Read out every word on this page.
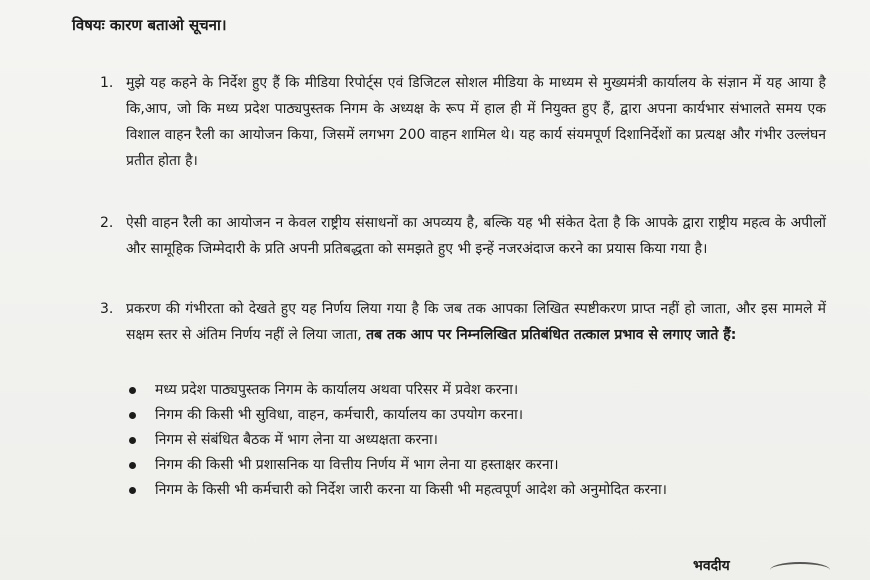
विषयः कारण बताओ सूचना।
1. मुझे यह कहने के निर्देश हुए हैं कि मीडिया रिपोर्ट्स एवं डिजिटल सोशल मीडिया के माध्यम से मुख्यमंत्री कार्यालय के संज्ञान में यह आया है कि,आप, जो कि मध्य प्रदेश पाठ्यपुस्तक निगम के अध्यक्ष के रूप में हाल ही में नियुक्त हुए हैं, द्वारा अपना कार्यभार संभालते समय एक विशाल वाहन रैली का आयोजन किया, जिसमें लगभग 200 वाहन शामिल थे। यह कार्य संयमपूर्ण दिशानिर्देशों का प्रत्यक्ष और गंभीर उल्लंघन प्रतीत होता है।
2. ऐसी वाहन रैली का आयोजन न केवल राष्ट्रीय संसाधनों का अपव्यय है, बल्कि यह भी संकेत देता है कि आपके द्वारा राष्ट्रीय महत्व के अपीलों और सामूहिक जिम्मेदारी के प्रति अपनी प्रतिबद्धता को समझते हुए भी इन्हें नजरअंदाज करने का प्रयास किया गया है।
3. प्रकरण की गंभीरता को देखते हुए यह निर्णय लिया गया है कि जब तक आपका लिखित स्पष्टीकरण प्राप्त नहीं हो जाता, और इस मामले में सक्षम स्तर से अंतिम निर्णय नहीं ले लिया जाता, तब तक आप पर निम्नलिखित प्रतिबंधित तत्काल प्रभाव से लगाए जाते हैं:
मध्य प्रदेश पाठ्यपुस्तक निगम के कार्यालय अथवा परिसर में प्रवेश करना।
निगम की किसी भी सुविधा, वाहन, कर्मचारी, कार्यालय का उपयोग करना।
निगम से संबंधित बैठक में भाग लेना या अध्यक्षता करना।
निगम की किसी भी प्रशासनिक या वित्तीय निर्णय में भाग लेना या हस्ताक्षर करना।
निगम के किसी भी कर्मचारी को निर्देश जारी करना या किसी भी महत्वपूर्ण आदेश को अनुमोदित करना।
भवदीय
